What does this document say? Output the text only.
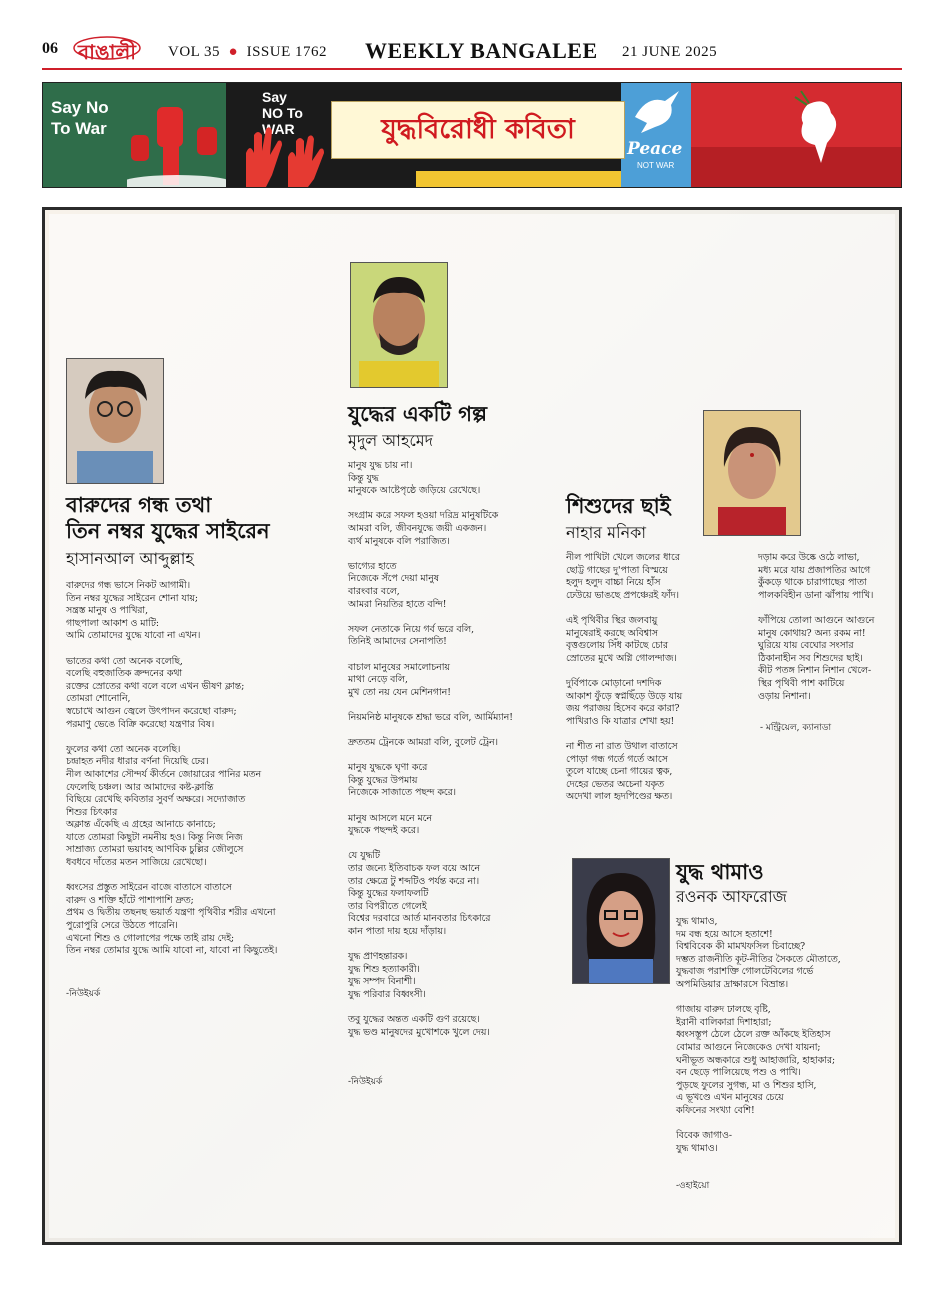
06 বাঙালী VOL 35 ● ISSUE 1762 WEEKLY BANGALEE 21 JUNE 2025
Say No
To War
Say
NO To
WAR
Peace
NOT WAR
যুদ্ধবিরোধী কবিতা
বারুদের গন্ধ তথা
তিন নম্বর যুদ্ধের সাইরেন
হাসানআল আব্দুল্লাহ
বারুদের গন্ধ ভাসে নিকট আগামী।
তিন নম্বর যুদ্ধের সাইরেন শোনা যায়;
সন্ত্রস্ত মানুষ ও পাখিরা,
গাছপালা আকাশ ও মাটি:
আমি তোমাদের যুদ্ধে যাবো না এখন।

ভাতের কথা তো অনেক বলেছি,
বলেছি বহুজাতিক ক্রন্দনের কথা
রক্তের স্রোতের কথা বলে বলে এখন ভীষণ ক্লান্ত;
তোমরা শোনোনি,
স্বচোখে আগুন জ্বেলে উৎপাদন করেছো বারুদ;
পরমাণু ভেঙে বিক্রি করেছো যন্ত্রণার বিষ।

ফুলের কথা তো অনেক বলেছি।
চন্দ্রাহত নদীর ধারার বর্ণনা দিয়েছি ঢের।
নীল আকাশের সৌন্দর্য কীর্তনে জোয়ারের পানির মতন
ফেলেছি চঞ্চল। আর আমাদের কষ্ট-ক্লান্তি
বিছিয়ে রেখেছি কবিতার সুবর্ণ অক্ষরে। সদ্যোজাত
শিশুর চিৎকার
অক্লান্ত এঁকেছি এ গ্রহের আনাচে কানাচে;
যাতে তোমরা কিছুটা নমনীয় হও। কিন্তু নিজ নিজ
সাম্রাজ্য তোমরা ভয়াবহ আণবিক চুল্লির জৌলুসে
ধবধবে দাঁতের মতন সাজিয়ে রেখেছো।

ধ্বংসের প্রস্তুত সাইরেন বাজে বাতাসে বাতাসে
বারুদ ও শক্তি হাঁটে পাশাপাশি দ্রুত;
প্রথম ও দ্বিতীয় তছনছ ভয়ার্ত যন্ত্রণা পৃথিবীর শরীর এখনো
পুরোপুরি সেরে উঠতে পারেনি।
এখনো শিশু ও গোলাপের পক্ষে তাই রায় দেই;
তিন নম্বর তোমার যুদ্ধে আমি যাবো না, যাবো না কিছুতেই।
-নিউইয়র্ক
যুদ্ধের একটি গল্প
মৃদুল আহমেদ
মানুষ যুদ্ধ চায় না।
কিন্তু যুদ্ধ
মানুষকে আষ্টেপৃষ্ঠে জড়িয়ে রেখেছে।

সংগ্রাম করে সফল হওয়া দরিদ্র মানুষটিকে
আমরা বলি, জীবনযুদ্ধে জয়ী একজন।
ব্যর্থ মানুষকে বলি পরাজিত।

ভাগ্যের হাতে
নিজেকে সঁপে দেয়া মানুষ
বারংবার বলে,
আমরা নিয়তির হাতে বন্দি!

সফল নেতাকে নিয়ে গর্ব ভরে বলি,
তিনিই আমাদের সেনাপতি!

বাচাল মানুষের সমালোচনায়
মাথা নেড়ে বলি,
মুখ তো নয় যেন মেশিনগান!

নিয়মনিষ্ঠ মানুষকে শ্রদ্ধা ভরে বলি, আর্মিম্যান!

দ্রুততম ট্রেনকে আমরা বলি, বুলেট ট্রেন।

মানুষ যুদ্ধকে ঘৃণা করে
কিন্তু যুদ্ধের উপমায়
নিজেকে সাজাতে পছন্দ করে।

মানুষ আসলে মনে মনে
যুদ্ধকে পছন্দই করে।

যে যুদ্ধটি
তার জন্যে ইতিবাচক ফল বয়ে আনে
তার ক্ষেত্রে টু শব্দটিও পর্যন্ত করে না।
কিন্তু যুদ্ধের ফলাফলটি
তার বিপরীতে গেলেই
বিশ্বের দরবারে আর্ত মানবতার চিৎকারে
কান পাতা দায় হয়ে দাঁড়ায়।

যুদ্ধ প্রাণহন্তারক।
যুদ্ধ শিশু হত্যাকারী।
যুদ্ধ সম্পদ বিনাশী।
যুদ্ধ পরিবার বিধ্বংসী।

তবু যুদ্ধের অন্তত একটি গুণ রয়েছে।
যুদ্ধ ভণ্ড মানুষদের মুখোশকে খুলে দেয়।
-নিউইয়র্ক
শিশুদের ছাই
নাহার মনিকা
নীল পাখিটা খেলে জলের ধারে
ছোট্ট গাছের দু'পাতা বিস্ময়ে
হলুদ হলুদ বাচ্চা নিয়ে হাঁস
ঢেউয়ে ভাঙছে প্রপঞ্চেরই ফাঁদ।

এই পৃথিবীর স্থির জলবায়ু
মানুষেরাই করছে অবিশ্বাস
বৃত্তগুলোয় সিঁধ কাটছে চোর
স্রোতের মুখে অগ্নি গোলন্দাজ।

দুর্বিপাকে মোড়ানো দশদিক
আকাশ ফুঁড়ে স্বপ্নছিঁড়ে উড়ে যায়
জয় পরাজয় হিসেব করে কারা?
পাখিরাও কি যাত্রার শেখা হয়!

না শীত না রাত উথাল বাতাসে
পোড়া গন্ধ গর্তে গর্তে আসে
তুলে যাচ্ছে চেনা গায়ের ত্বক,
দেহের ভেতর অচেনা যকৃত
অদেখা লাল হৃদপিণ্ডের ক্ষত।
দড়াম করে উষ্কে ওঠে লাভা,
মধ্য মরে যায় প্রজাপতির আগে
কুঁকড়ে থাকে চারাগাছের পাতা
পালকবিহীন ডানা ঝাঁপায় পাখি।

ফাঁপিয়ে তোলা আগুনে আগুনে
মানুষ কোথায়? অন্য রকম না!
ঘুরিয়ে যায় বেঘোর সংসার
ঠিকানাহীন সব শিশুদের ছাই।
কীট পতঙ্গ নিশান নিশান খেলে-
স্থির পৃথিবী পাশ কাটিয়ে
ওড়ায় নিশানা।
- মন্ট্রিয়েল, ক্যানাডা
যুদ্ধ থামাও
রওনক আফরোজ
যুদ্ধ থামাও,
দম বন্ধ হয়ে আসে হতাশে!
বিশ্ববিবেক কী মামখফসিল চিবাচ্ছে?
দম্ভত রাজনীতি কূট-নীতির সৈকতে মৌতাতে,
যুদ্ধবাজ পরাশক্তি গোলটেবিলের গর্ভে
অপমিডিয়ার দ্রাক্ষারসে বিভ্রান্ত।

গাজায় বারুদ ঢালছে বৃষ্টি,
ইরানী বালিকারা দিশাহারা;
ধ্বংসস্তূপ ঠেলে ঠেলে রক্ত আঁকছে ইতিহাস
বোমার আগুনে নিজেকেও দেখা যায়না;
ঘনীভূত অন্ধকারে শুধু আহাজারি, হাহাকার;
বন ছেড়ে পালিয়েছে পশু ও পাখি।
পুড়ছে ফুলের সুগন্ধ, মা ও শিশুর হাসি,
এ ভূখণ্ডে এখন মানুষের চেয়ে
কফিনের সংখ্যা বেশি!

বিবেক জাগাও-
যুদ্ধ থামাও।
-ওহাইয়ো
